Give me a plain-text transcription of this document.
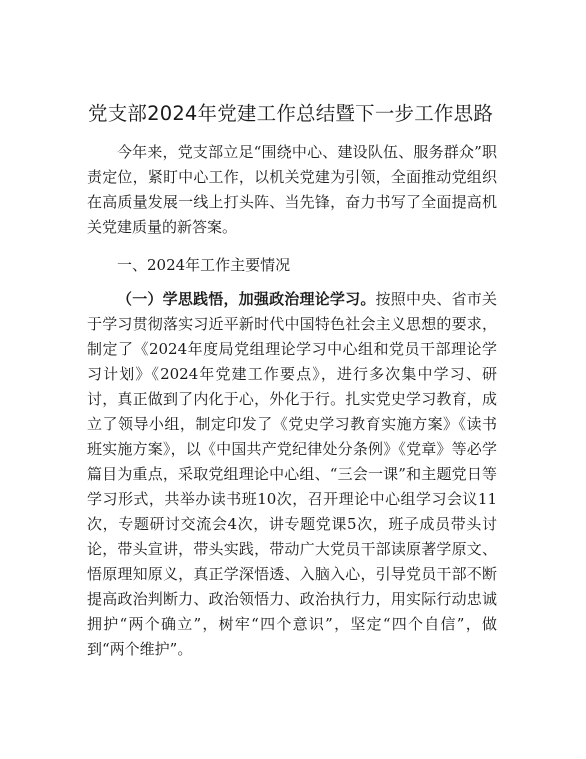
党支部2024年党建工作总结暨下一步工作思路

今年来，党支部立足“围绕中心、建设队伍、服务群众”职责定位，紧盯中心工作，以机关党建为引领，全面推动党组织在高质量发展一线上打头阵、当先锋，奋力书写了全面提高机关党建质量的新答案。

一、2024年工作主要情况

（一）学思践悟，加强政治理论学习。按照中央、省市关于学习贯彻落实习近平新时代中国特色社会主义思想的要求，制定了《2024年度局党组理论学习中心组和党员干部理论学习计划》《2024年党建工作要点》，进行多次集中学习、研讨，真正做到了内化于心，外化于行。扎实党史学习教育，成立了领导小组，制定印发了《党史学习教育实施方案》《读书班实施方案》，以《中国共产党纪律处分条例》《党章》等必学篇目为重点，采取党组理论中心组、“三会一课”和主题党日等学习形式，共举办读书班10次，召开理论中心组学习会议11次，专题研讨交流会4次，讲专题党课5次，班子成员带头讨论，带头宣讲，带头实践，带动广大党员干部读原著学原文、悟原理知原义，真正学深悟透、入脑入心，引导党员干部不断提高政治判断力、政治领悟力、政治执行力，用实际行动忠诚拥护“两个确立”，树牢“四个意识”，坚定“四个自信”，做到“两个维护”。
